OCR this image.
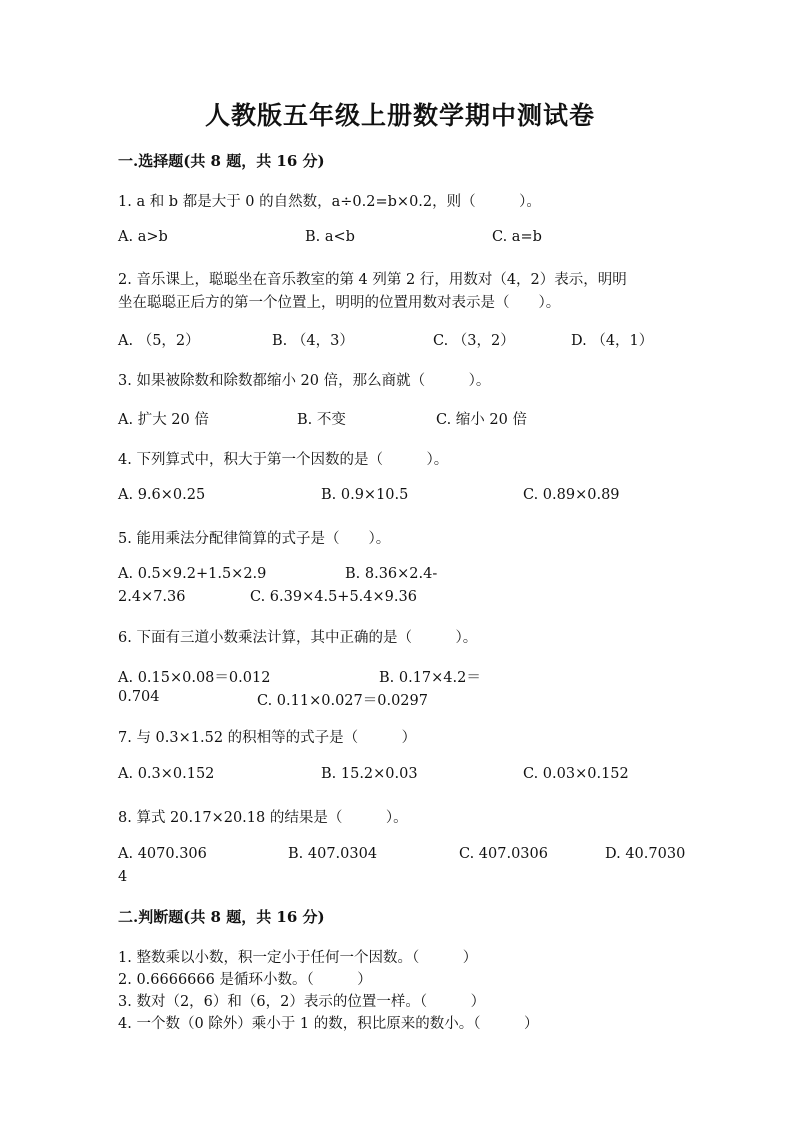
人教版五年级上册数学期中测试卷
一.选择题(共 8 题，共 16 分)
1. a 和 b 都是大于 0 的自然数，a÷0.2=b×0.2，则（　　　）。
A. a>b	B. a<b	C. a=b
2. 音乐课上，聪聪坐在音乐教室的第 4 列第 2 行，用数对（4，2）表示，明明
坐在聪聪正后方的第一个位置上，明明的位置用数对表示是（　　）。
A. （5，2）	B. （4，3）	C. （3，2）	D. （4，1）
3. 如果被除数和除数都缩小 20 倍，那么商就（　　　）。
A. 扩大 20 倍	B. 不变	C. 缩小 20 倍
4. 下列算式中，积大于第一个因数的是（　　　）。
A. 9.6×0.25	B. 0.9×10.5	C. 0.89×0.89
5. 能用乘法分配律简算的式子是（　　）。
A. 0.5×9.2+1.5×2.9	B. 8.36×2.4-
2.4×7.36	C. 6.39×4.5+5.4×9.36
6. 下面有三道小数乘法计算，其中正确的是（　　　）。
A. 0.15×0.08＝0.012	B. 0.17×4.2＝
0.704	C. 0.11×0.027＝0.0297
7. 与 0.3×1.52 的积相等的式子是（　　　）
A. 0.3×0.152	B. 15.2×0.03	C. 0.03×0.152
8. 算式 20.17×20.18 的结果是（　　　）。
A. 4070.306	B. 407.0304	C. 407.0306	D. 40.7030
4
二.判断题(共 8 题，共 16 分)
1. 整数乘以小数，积一定小于任何一个因数。（　　　）
2. 0.6666666 是循环小数。（　　　）
3. 数对（2，6）和（6，2）表示的位置一样。（　　　）
4. 一个数（0 除外）乘小于 1 的数，积比原来的数小。（　　　）
